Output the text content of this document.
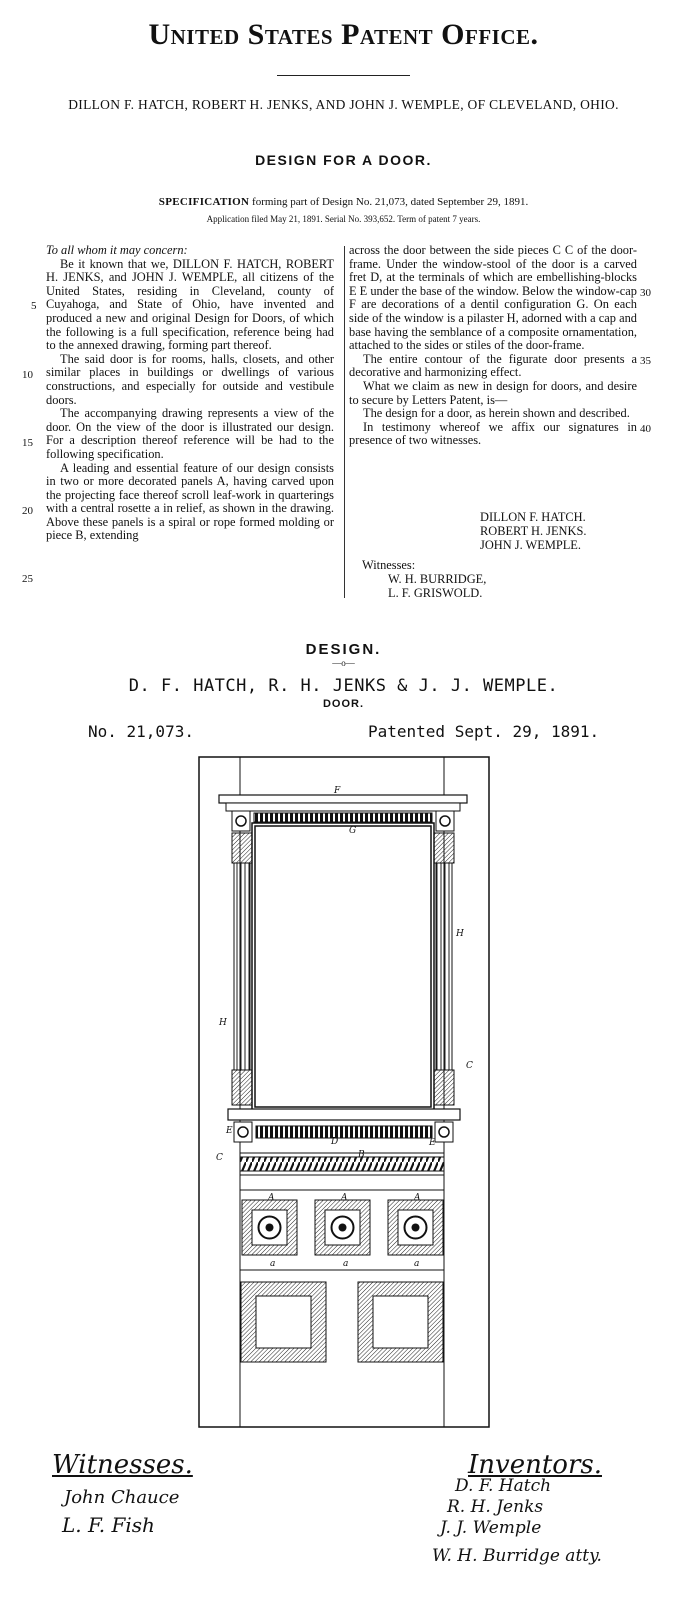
United States Patent Office.
DILLON F. HATCH, ROBERT H. JENKS, AND JOHN J. WEMPLE, OF CLEVELAND, OHIO.
DESIGN FOR A DOOR.
SPECIFICATION forming part of Design No. 21,073, dated September 29, 1891.
Application filed May 21, 1891. Serial No. 393,652. Term of patent 7 years.

To all whom it may concern:

Be it known that we, DILLON F. HATCH, ROBERT H. JENKS, and JOHN J. WEMPLE, all citizens of the United States, residing in Cleveland, county of Cuyahoga, and State of Ohio, have invented and produced a new and original Design for Doors, of which the following is a full specification, reference being had to the annexed drawing, forming part thereof.

The said door is for rooms, halls, closets, and other similar places in buildings or dwellings of various constructions, and especially for outside and vestibule doors.

The accompanying drawing represents a view of the door. On the view of the door is illustrated our design. For a description thereof reference will be had to the following specification.

A leading and essential feature of our design consists in two or more decorated panels A, having carved upon the projecting face thereof scroll leaf-work in quarterings with a central rosette a in relief, as shown in the drawing. Above these panels is a spiral or rope formed molding or piece B, extending

5
10
15
20
25

across the door between the side pieces C C of the door-frame. Under the window-stool of the door is a carved fret D, at the terminals of which are embellishing-blocks E E under the base of the window. Below the window-cap F are decorations of a dentil configuration G. On each side of the window is a pilaster H, adorned with a cap and base having the semblance of a composite ornamentation, attached to the sides or stiles of the door-frame.

The entire contour of the figurate door presents a decorative and harmonizing effect.

What we claim as new in design for doors, and desire to secure by Letters Patent, is—

The design for a door, as herein shown and described.

In testimony whereof we affix our signatures in presence of two witnesses.

30
35
40
DILLON F. HATCH.
ROBERT H. JENKS.
JOHN J. WEMPLE.
Witnesses:
W. H. BURRIDGE,
L. F. GRISWOLD.
DESIGN.
—o—
D. F. HATCH, R. H. JENKS & J. J. WEMPLE.
DOOR.
No. 21,073.	Patented Sept. 29, 1891.
F
G
H
H
C
C
E
E
D
B
A	A	A
a	a	a
Witnesses.
John Chauce
L. F. Fish
Inventors.
D. F. Hatch
R. H. Jenks
J. J. Wemple
W. H. Burridge atty.
